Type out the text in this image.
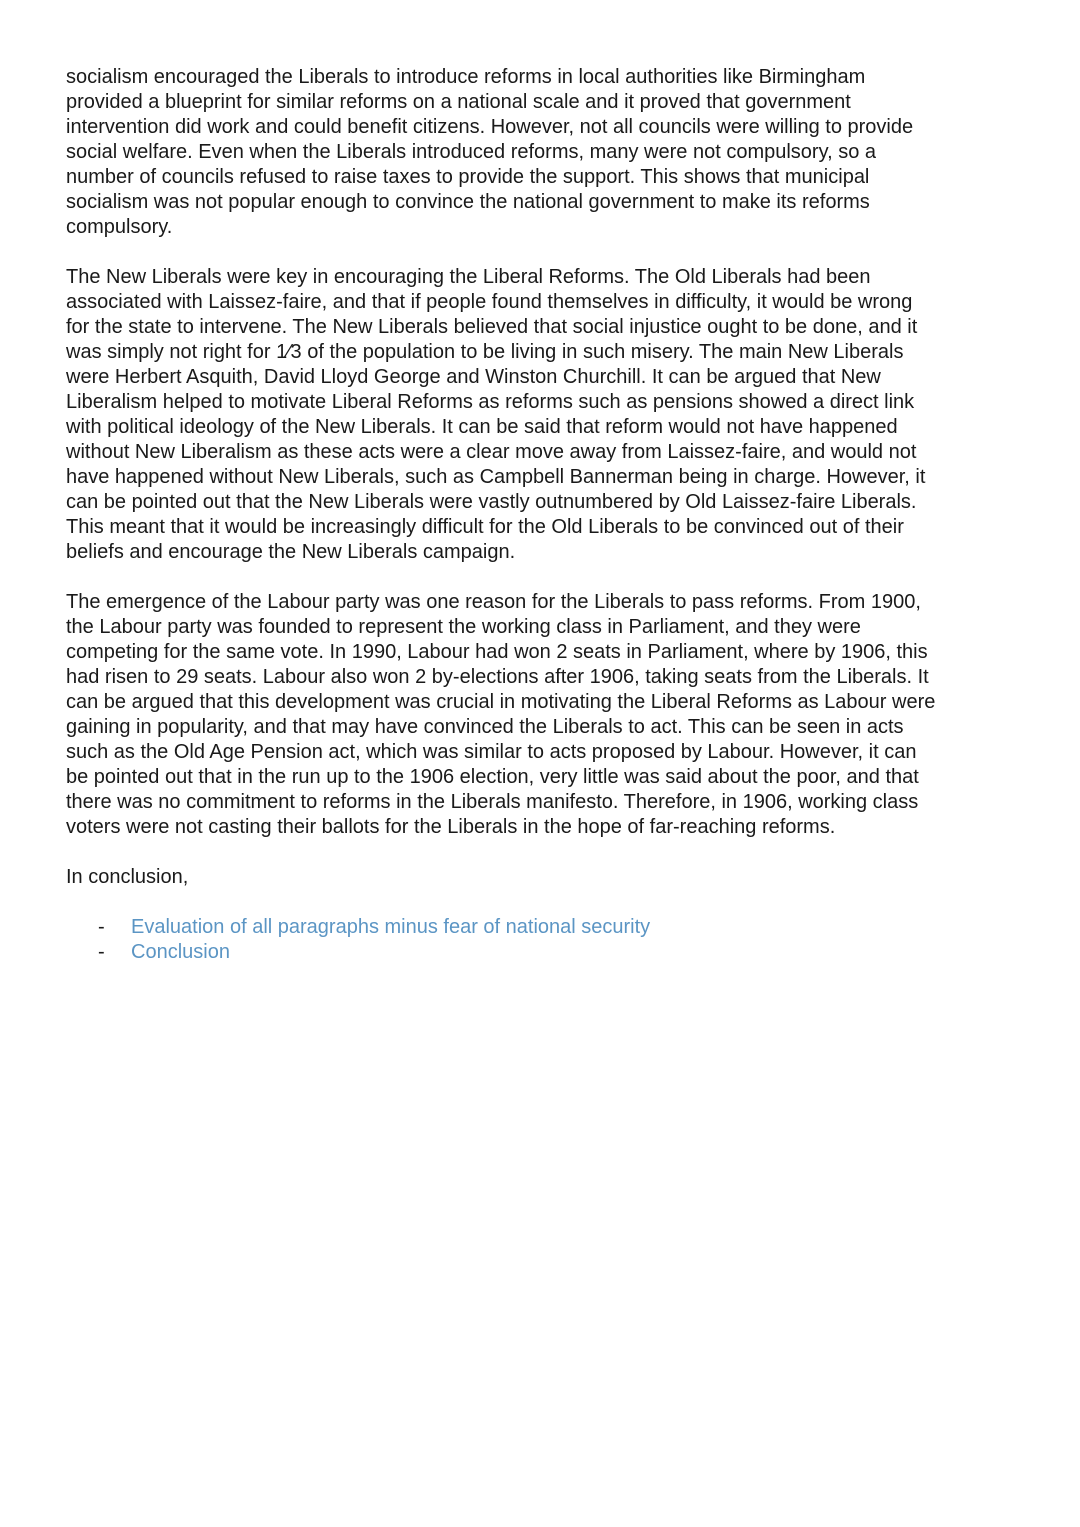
socialism encouraged the Liberals to introduce reforms in local authorities like Birmingham
provided a blueprint for similar reforms on a national scale and it proved that government
intervention did work and could benefit citizens. However, not all councils were willing to provide
social welfare. Even when the Liberals introduced reforms, many were not compulsory, so a
number of councils refused to raise taxes to provide the support. This shows that municipal
socialism was not popular enough to convince the national government to make its reforms
compulsory.

The New Liberals were key in encouraging the Liberal Reforms. The Old Liberals had been
associated with Laissez-faire, and that if people found themselves in difficulty, it would be wrong
for the state to intervene. The New Liberals believed that social injustice ought to be done, and it
was simply not right for 1⁄3 of the population to be living in such misery. The main New Liberals
were Herbert Asquith, David Lloyd George and Winston Churchill. It can be argued that New
Liberalism helped to motivate Liberal Reforms as reforms such as pensions showed a direct link
with political ideology of the New Liberals. It can be said that reform would not have happened
without New Liberalism as these acts were a clear move away from Laissez-faire, and would not
have happened without New Liberals, such as Campbell Bannerman being in charge. However, it
can be pointed out that the New Liberals were vastly outnumbered by Old Laissez-faire Liberals.
This meant that it would be increasingly difficult for the Old Liberals to be convinced out of their
beliefs and encourage the New Liberals campaign.

The emergence of the Labour party was one reason for the Liberals to pass reforms. From 1900,
the Labour party was founded to represent the working class in Parliament, and they were
competing for the same vote. In 1990, Labour had won 2 seats in Parliament, where by 1906, this
had risen to 29 seats. Labour also won 2 by-elections after 1906, taking seats from the Liberals. It
can be argued that this development was crucial in motivating the Liberal Reforms as Labour were
gaining in popularity, and that may have convinced the Liberals to act. This can be seen in acts
such as the Old Age Pension act, which was similar to acts proposed by Labour. However, it can
be pointed out that in the run up to the 1906 election, very little was said about the poor, and that
there was no commitment to reforms in the Liberals manifesto. Therefore, in 1906, working class
voters were not casting their ballots for the Liberals in the hope of far-reaching reforms.

In conclusion,

- Evaluation of all paragraphs minus fear of national security
- Conclusion
